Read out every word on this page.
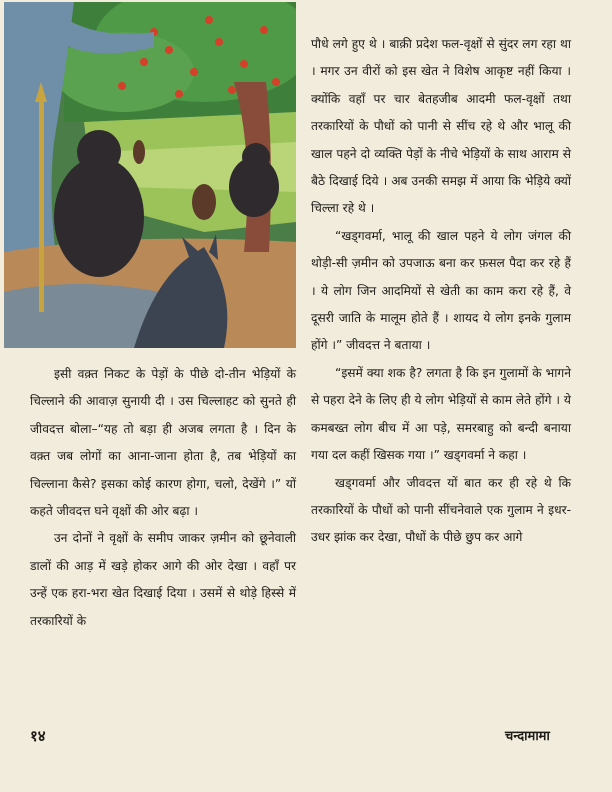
पौधे लगे हुए थे । बाक़ी प्रदेश फल-वृक्षों से सुंदर लग रहा था । मगर उन वीरों को इस खेत ने विशेष आकृष्ट नहीं किया । क्योंकि वहाँ पर चार बेतहजीब आदमी फल-वृक्षों तथा तरकारियों के पौधों को पानी से सींच रहे थे और भालू की खाल पहने दो व्यक्ति पेड़ों के नीचे भेड़ियों के साथ आराम से बैठे दिखाई दिये । अब उनकी समझ में आया कि भेड़िये क्यों चिल्ला रहे थे ।

“खड्गवर्मा, भालू की खाल पहने ये लोग जंगल की थोड़ी-सी ज़मीन को उपजाऊ बना कर फ़सल पैदा कर रहे हैं । ये लोग जिन आदमियों से खेती का काम करा रहे हैं, वे दूसरी जाति के मालूम होते हैं । शायद ये लोग इनके गुलाम होंगे ।” जीवदत्त ने बताया ।

“इसमें क्या शक है? लगता है कि इन गुलामों के भागने से पहरा देने के लिए ही ये लोग भेड़ियों से काम लेते होंगे । ये कमबख्त लोग बीच में आ पड़े, समरबाहु को बन्दी बनाया गया दल कहीं खिसक गया ।” खड्गवर्मा ने कहा ।

खड्गवर्मा और जीवदत्त यों बात कर ही रहे थे कि तरकारियों के पौधों को पानी सींचनेवाले एक गुलाम ने इधर-उधर झांक कर देखा, पौधों के पीछे छुप कर आगे

इसी वक़्त निकट के पेड़ों के पीछे दो-तीन भेड़ियों के चिल्लाने की आवाज़ सुनायी दी । उस चिल्लाहट को सुनते ही जीवदत्त बोला–“यह तो बड़ा ही अजब लगता है । दिन के वक़्त जब लोगों का आना-जाना होता है, तब भेड़ियों का चिल्लाना कैसे? इसका कोई कारण होगा, चलो, देखेंगे ।” यों कहते जीवदत्त घने वृक्षों की ओर बढ़ा ।

उन दोनों ने वृक्षों के समीप जाकर ज़मीन को छूनेवाली डालों की आड़ में खड़े होकर आगे की ओर देखा । वहाँ पर उन्हें एक हरा-भरा खेत दिखाई दिया । उसमें से थोड़े हिस्से में तरकारियों के

१४	चन्दामामा
